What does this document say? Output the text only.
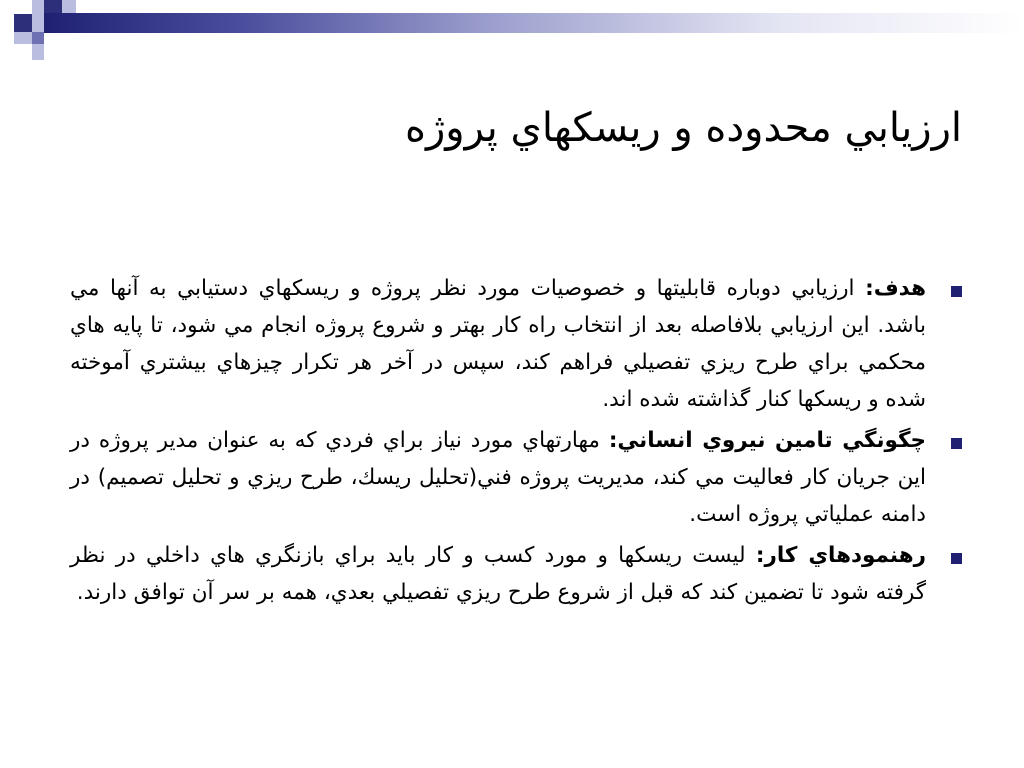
ارزيابي محدوده و ريسکهاي پروژه
هدف: ارزيابي دوباره قابليتها و خصوصيات مورد نظر پروژه و ريسکهاي دستيابي به آنها مي باشد. اين ارزيابي بلافاصله بعد از انتخاب راه کار بهتر و شروع پروژه انجام مي شود، تا پايه هاي محکمي براي طرح ريزي تفصيلي فراهم کند، سپس در آخر هر تکرار چيزهاي بيشتري آموخته شده و ريسکها کنار گذاشته شده اند.
چگونگي تامين نيروي انساني: مهارتهاي مورد نياز براي فردي که به عنوان مدير پروژه در اين جريان کار فعاليت مي کند، مديريت پروژه فني(تحليل ريسك، طرح ريزي و تحليل تصميم) در دامنه عملياتي پروژه است.
رهنمودهاي کار: ليست ريسکها و مورد کسب و کار بايد براي بازنگري هاي داخلي در نظر گرفته شود تا تضمين کند که قبل از شروع طرح ريزي تفصيلي بعدي، همه بر سر آن توافق دارند.
